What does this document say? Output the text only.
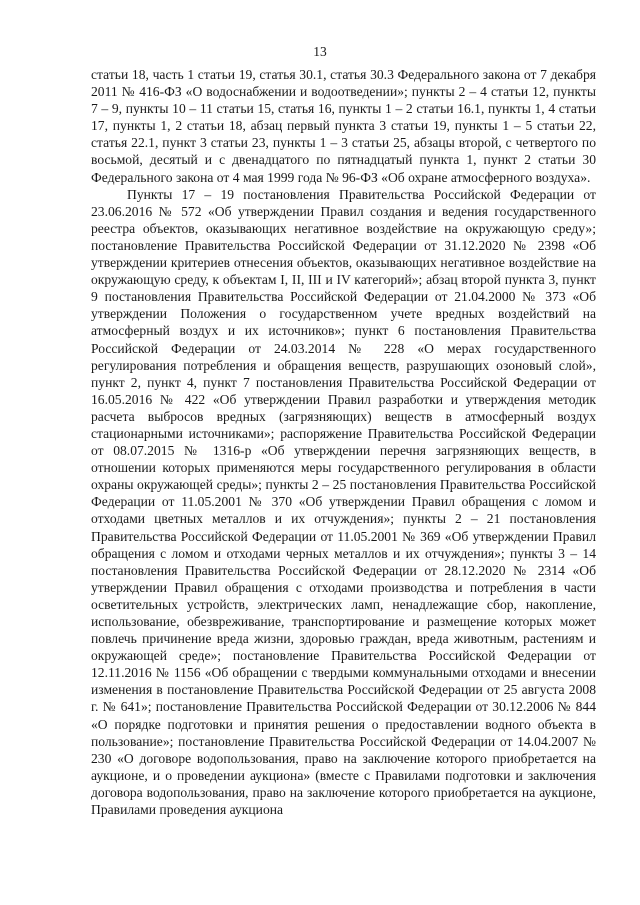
13

статьи 18, часть 1 статьи 19, статья 30.1, статья 30.3 Федерального закона от 7 декабря 2011 № 416-ФЗ «О водоснабжении и водоотведении»; пункты 2 – 4 статьи 12, пункты 7 – 9, пункты 10 – 11 статьи 15, статья 16, пункты 1 – 2 статьи 16.1, пункты 1, 4 статьи 17, пункты 1, 2 статьи 18, абзац первый пункта 3 статьи 19, пункты 1 – 5 статьи 22, статья 22.1, пункт 3 статьи 23, пункты 1 – 3 статьи 25, абзацы второй, с четвертого по восьмой, десятый и с двенадцатого по пятнадцатый пункта 1, пункт 2 статьи 30 Федерального закона от 4 мая 1999 года № 96-ФЗ «Об охране атмосферного воздуха».

Пункты 17 – 19 постановления Правительства Российской Федерации от 23.06.2016 № 572 «Об утверждении Правил создания и ведения государственного реестра объектов, оказывающих негативное воздействие на окружающую среду»; постановление Правительства Российской Федерации от 31.12.2020 № 2398 «Об утверждении критериев отнесения объектов, оказывающих негативное воздействие на окружающую среду, к объектам I, II, III и IV категорий»; абзац второй пункта 3, пункт 9 постановления Правительства Российской Федерации от 21.04.2000 № 373 «Об утверждении Положения о государственном учете вредных воздействий на атмосферный воздух и их источников»; пункт 6 постановления Правительства Российской Федерации от 24.03.2014 № 228 «О мерах государственного регулирования потребления и обращения веществ, разрушающих озоновый слой», пункт 2, пункт 4, пункт 7 постановления Правительства Российской Федерации от 16.05.2016 № 422 «Об утверждении Правил разработки и утверждения методик расчета выбросов вредных (загрязняющих) веществ в атмосферный воздух стационарными источниками»; распоряжение Правительства Российской Федерации от 08.07.2015 № 1316-р «Об утверждении перечня загрязняющих веществ, в отношении которых применяются меры государственного регулирования в области охраны окружающей среды»; пункты 2 – 25 постановления Правительства Российской Федерации от 11.05.2001 № 370 «Об утверждении Правил обращения с ломом и отходами цветных металлов и их отчуждения»; пункты 2 – 21 постановления Правительства Российской Федерации от 11.05.2001 № 369 «Об утверждении Правил обращения с ломом и отходами черных металлов и их отчуждения»; пункты 3 – 14 постановления Правительства Российской Федерации от 28.12.2020 № 2314 «Об утверждении Правил обращения с отходами производства и потребления в части осветительных устройств, электрических ламп, ненадлежащие сбор, накопление, использование, обезвреживание, транспортирование и размещение которых может повлечь причинение вреда жизни, здоровью граждан, вреда животным, растениям и окружающей среде»; постановление Правительства Российской Федерации от 12.11.2016 № 1156 «Об обращении с твердыми коммунальными отходами и внесении изменения в постановление Правительства Российской Федерации от 25 августа 2008 г. № 641»; постановление Правительства Российской Федерации от 30.12.2006 № 844 «О порядке подготовки и принятия решения о предоставлении водного объекта в пользование»; постановление Правительства Российской Федерации от 14.04.2007 № 230 «О договоре водопользования, право на заключение которого приобретается на аукционе, и о проведении аукциона» (вместе с Правилами подготовки и заключения договора водопользования, право на заключение которого приобретается на аукционе, Правилами проведения аукциона
